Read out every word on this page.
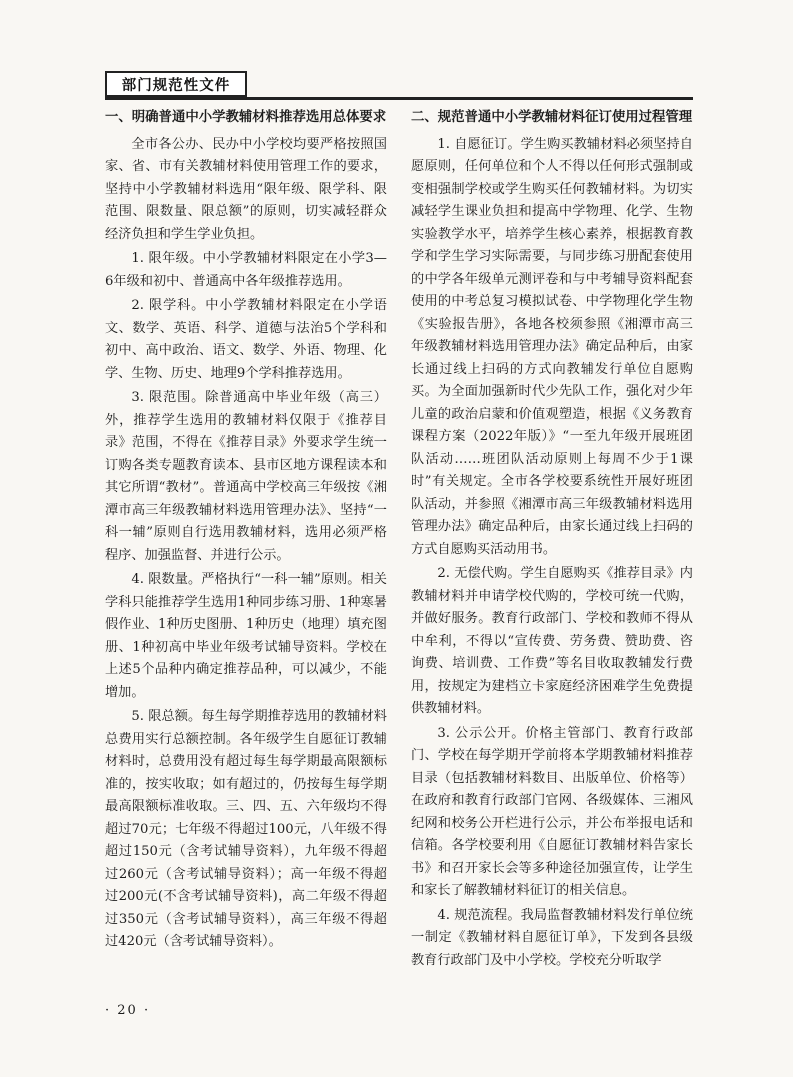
部门规范性文件

一、明确普通中小学教辅材料推荐选用总体要求

全市各公办、民办中小学校均要严格按照国家、省、市有关教辅材料使用管理工作的要求，坚持中小学教辅材料选用“限年级、限学科、限范围、限数量、限总额”的原则，切实减轻群众经济负担和学生学业负担。

1. 限年级。中小学教辅材料限定在小学3—6年级和初中、普通高中各年级推荐选用。

2. 限学科。中小学教辅材料限定在小学语文、数学、英语、科学、道德与法治5个学科和初中、高中政治、语文、数学、外语、物理、化学、生物、历史、地理9个学科推荐选用。

3. 限范围。除普通高中毕业年级（高三）外，推荐学生选用的教辅材料仅限于《推荐目录》范围，不得在《推荐目录》外要求学生统一订购各类专题教育读本、县市区地方课程读本和其它所谓“教材”。普通高中学校高三年级按《湘潭市高三年级教辅材料选用管理办法》、坚持“一科一辅”原则自行选用教辅材料，选用必须严格程序、加强监督、并进行公示。

4. 限数量。严格执行“一科一辅”原则。相关学科只能推荐学生选用1种同步练习册、1种寒暑假作业、1种历史图册、1种历史（地理）填充图册、1种初高中毕业年级考试辅导资料。学校在上述5个品种内确定推荐品种，可以减少，不能增加。

5. 限总额。每生每学期推荐选用的教辅材料总费用实行总额控制。各年级学生自愿征订教辅材料时，总费用没有超过每生每学期最高限额标准的，按实收取；如有超过的，仍按每生每学期最高限额标准收取。三、四、五、六年级均不得超过70元；七年级不得超过100元，八年级不得超过150元（含考试辅导资料），九年级不得超过260元（含考试辅导资料）；高一年级不得超过200元(不含考试辅导资料)，高二年级不得超过350元（含考试辅导资料），高三年级不得超过420元（含考试辅导资料）。

二、规范普通中小学教辅材料征订使用过程管理

1. 自愿征订。学生购买教辅材料必须坚持自愿原则，任何单位和个人不得以任何形式强制或变相强制学校或学生购买任何教辅材料。为切实减轻学生课业负担和提高中学物理、化学、生物实验教学水平，培养学生核心素养，根据教育教学和学生学习实际需要，与同步练习册配套使用的中学各年级单元测评卷和与中考辅导资料配套使用的中考总复习模拟试卷、中学物理化学生物《实验报告册》，各地各校须参照《湘潭市高三年级教辅材料选用管理办法》确定品种后，由家长通过线上扫码的方式向教辅发行单位自愿购买。为全面加强新时代少先队工作，强化对少年儿童的政治启蒙和价值观塑造，根据《义务教育课程方案（2022年版）》“一至九年级开展班团队活动……班团队活动原则上每周不少于1课时”有关规定。全市各学校要系统性开展好班团队活动，并参照《湘潭市高三年级教辅材料选用管理办法》确定品种后，由家长通过线上扫码的方式自愿购买活动用书。

2. 无偿代购。学生自愿购买《推荐目录》内教辅材料并申请学校代购的，学校可统一代购，并做好服务。教育行政部门、学校和教师不得从中牟利，不得以“宣传费、劳务费、赞助费、咨询费、培训费、工作费”等名目收取教辅发行费用，按规定为建档立卡家庭经济困难学生免费提供教辅材料。

3. 公示公开。价格主管部门、教育行政部门、学校在每学期开学前将本学期教辅材料推荐目录（包括教辅材料数目、出版单位、价格等）在政府和教育行政部门官网、各级媒体、三湘风纪网和校务公开栏进行公示，并公布举报电话和信箱。各学校要利用《自愿征订教辅材料告家长书》和召开家长会等多种途径加强宣传，让学生和家长了解教辅材料征订的相关信息。

4. 规范流程。我局监督教辅材料发行单位统一制定《教辅材料自愿征订单》，下发到各县级教育行政部门及中小学校。学校充分听取学

· 20 ·
